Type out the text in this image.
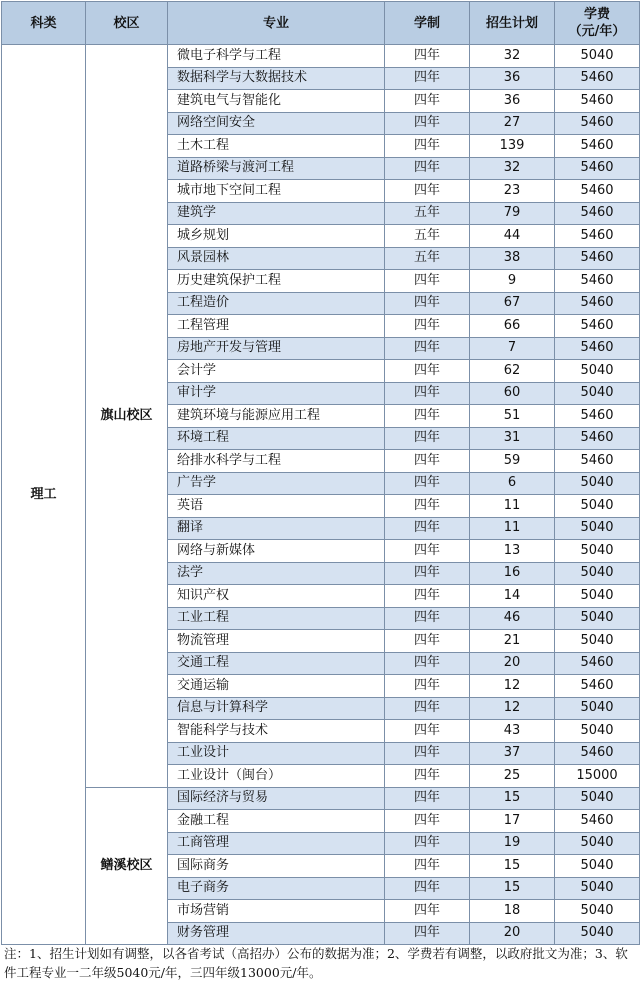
科类	校区	专业	学制	招生计划	学费
（元/年）

理工	旗山校区	微电子科学与工程	四年	32	5040
		数据科学与大数据技术	四年	36	5460
		建筑电气与智能化	四年	36	5460
		网络空间安全	四年	27	5460
		土木工程	四年	139	5460
		道路桥梁与渡河工程	四年	32	5460
		城市地下空间工程	四年	23	5460
		建筑学	五年	79	5460
		城乡规划	五年	44	5460
		风景园林	五年	38	5460
		历史建筑保护工程	四年	9	5460
		工程造价	四年	67	5460
		工程管理	四年	66	5460
		房地产开发与管理	四年	7	5460
		会计学	四年	62	5040
		审计学	四年	60	5040
		建筑环境与能源应用工程	四年	51	5460
		环境工程	四年	31	5460
		给排水科学与工程	四年	59	5460
		广告学	四年	6	5040
		英语	四年	11	5040
		翻译	四年	11	5040
		网络与新媒体	四年	13	5040
		法学	四年	16	5040
		知识产权	四年	14	5040
		工业工程	四年	46	5040
		物流管理	四年	21	5040
		交通工程	四年	20	5460
		交通运输	四年	12	5460
		信息与计算科学	四年	12	5040
		智能科学与技术	四年	43	5040
		工业设计	四年	37	5460
		工业设计（闽台）	四年	25	15000
	鳝溪校区	国际经济与贸易	四年	15	5040
		金融工程	四年	17	5460
		工商管理	四年	19	5040
		国际商务	四年	15	5040
		电子商务	四年	15	5040
		市场营销	四年	18	5040
		财务管理	四年	20	5040
注：1、招生计划如有调整，以各省考试（高招办）公布的数据为准；2、学费若有调整，以政府批文为准；3、软件工程专业一二年级5040元/年，三四年级13000元/年。
